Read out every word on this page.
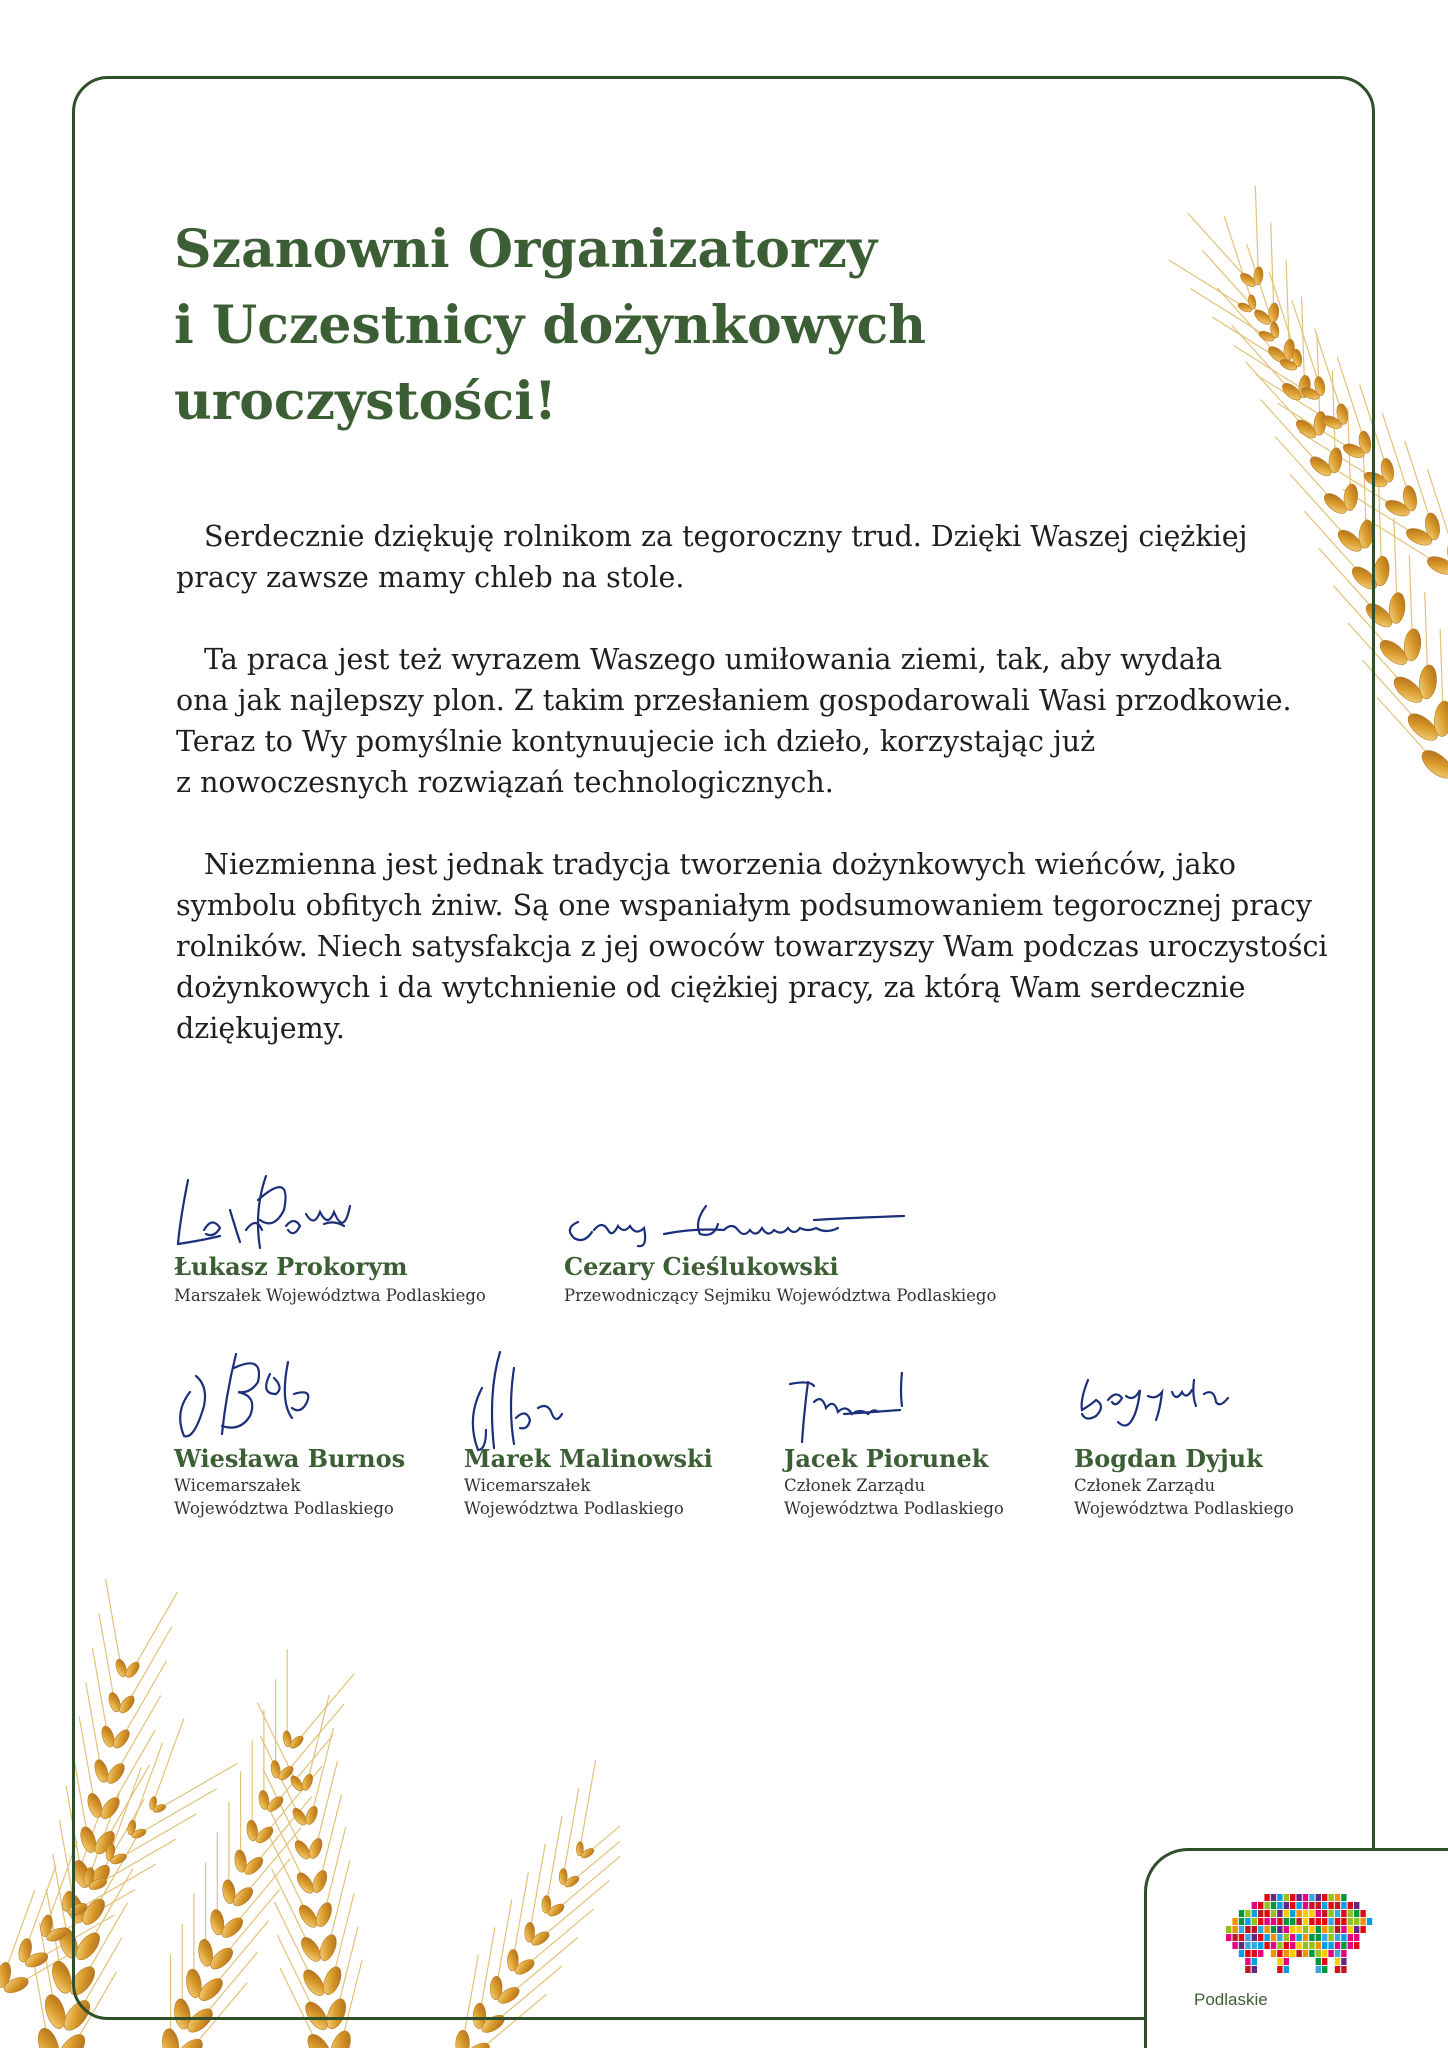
Szanowni Organizatorzy
i Uczestnicy dożynkowych
uroczystości!

Serdecznie dziękuję rolnikom za tegoroczny trud. Dzięki Waszej ciężkiej
pracy zawsze mamy chleb na stole.

Ta praca jest też wyrazem Waszego umiłowania ziemi, tak, aby wydała
ona jak najlepszy plon. Z takim przesłaniem gospodarowali Wasi przodkowie.
Teraz to Wy pomyślnie kontynuujecie ich dzieło, korzystając już
z nowoczesnych rozwiązań technologicznych.

Niezmienna jest jednak tradycja tworzenia dożynkowych wieńców, jako
symbolu obfitych żniw. Są one wspaniałym podsumowaniem tegorocznej pracy
rolników. Niech satysfakcja z jej owoców towarzyszy Wam podczas uroczystości
dożynkowych i da wytchnienie od ciężkiej pracy, za którą Wam serdecznie
dziękujemy.

Łukasz Prokorym
Marszałek Województwa Podlaskiego
Cezary Cieślukowski
Przewodniczący Sejmiku Województwa Podlaskiego
Wiesława Burnos
Wicemarszałek
Województwa Podlaskiego
Marek Malinowski
Wicemarszałek
Województwa Podlaskiego
Jacek Piorunek
Członek Zarządu
Województwa Podlaskiego
Bogdan Dyjuk
Członek Zarządu
Województwa Podlaskiego
Podlaskie
